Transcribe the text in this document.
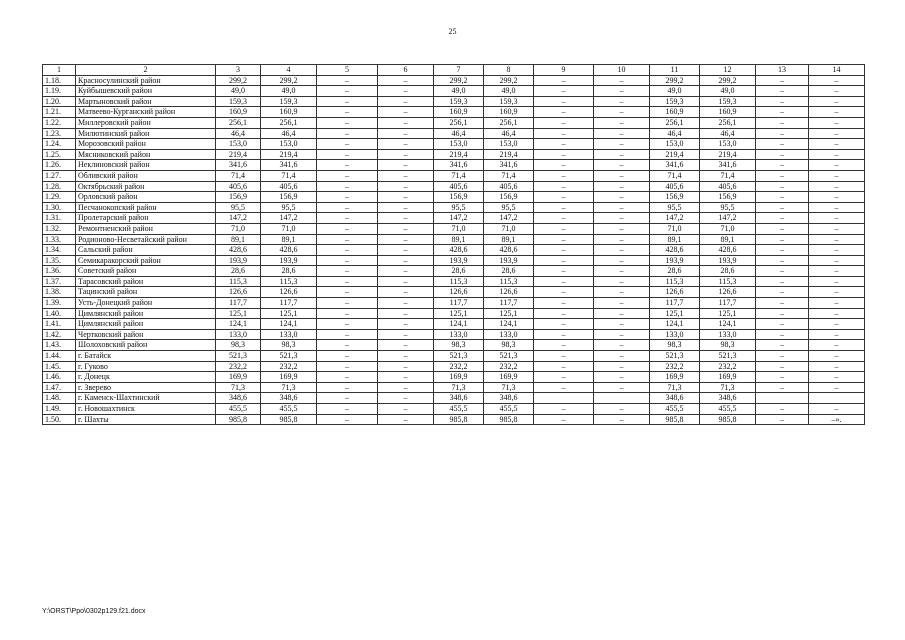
25
1	2	3	4	5	6	7	8	9	10	11	12	13	14
1.18.	Красносулинский район	299,2	299,2	–	–	299,2	299,2	–	–	299,2	299,2	–	–
1.19.	Куйбышевский район	49,0	49,0	–	–	49,0	49,0	–	–	49,0	49,0	–	–
1.20.	Мартыновский район	159,3	159,3	–	–	159,3	159,3	–	–	159,3	159,3	–	–
1.21.	Матвеево-Курганский район	160,9	160,9	–	–	160,9	160,9	–	–	160,9	160,9	–	–
1.22.	Миллеровский район	256,1	256,1	–	–	256,1	256,1	–	–	256,1	256,1	–	–
1.23.	Милютинский район	46,4	46,4	–	–	46,4	46,4	–	–	46,4	46,4	–	–
1.24.	Морозовский район	153,0	153,0	–	–	153,0	153,0	–	–	153,0	153,0	–	–
1.25.	Мясниковский район	219,4	219,4	–	–	219,4	219,4	–	–	219,4	219,4	–	–
1.26.	Неклиновский район	341,6	341,6	–	–	341,6	341,6	–	–	341,6	341,6	–	–
1.27.	Обливский район	71,4	71,4	–	–	71,4	71,4	–	–	71,4	71,4	–	–
1.28.	Октябрьский район	405,6	405,6	–	–	405,6	405,6	–	–	405,6	405,6	–	–
1.29.	Орловский район	156,9	156,9	–	–	156,9	156,9	–	–	156,9	156,9	–	–
1.30.	Песчанокопский район	95,5	95,5	–	–	95,5	95,5	–	–	95,5	95,5	–	–
1.31.	Пролетарский район	147,2	147,2	–	–	147,2	147,2	–	–	147,2	147,2	–	–
1.32.	Ремонтненский район	71,0	71,0	–	–	71,0	71,0	–	–	71,0	71,0	–	–
1.33.	Родионово-Несветайский район	89,1	89,1	–	–	89,1	89,1	–	–	89,1	89,1	–	–
1.34.	Сальский район	428,6	428,6	–	–	428,6	428,6	–	–	428,6	428,6	–	–
1.35.	Семикаракорский район	193,9	193,9	–	–	193,9	193,9	–	–	193,9	193,9	–	–
1.36.	Советский район	28,6	28,6	–	–	28,6	28,6	–	–	28,6	28,6	–	–
1.37.	Тарасовский район	115,3	115,3	–	–	115,3	115,3	–	–	115,3	115,3	–	–
1.38.	Тацинский район	126,6	126,6	–	–	126,6	126,6	–	–	126,6	126,6	–	–
1.39.	Усть-Донецкий район	117,7	117,7	–	–	117,7	117,7	–	–	117,7	117,7	–	–
1.40.	Цимлянский район	125,1	125,1	–	–	125,1	125,1	–	–	125,1	125,1	–	–
1.41.	Цимлянский район	124,1	124,1	–	–	124,1	124,1	–	–	124,1	124,1	–	–
1.42.	Чертковский район	133,0	133,0	–	–	133,0	133,0	–	–	133,0	133,0	–	–
1.43.	Шолоховский район	98,3	98,3	–	–	98,3	98,3	–	–	98,3	98,3	–	–
1.44.	г. Батайск	521,3	521,3	–	–	521,3	521,3	–	–	521,3	521,3	–	–
1.45.	г. Гуково	232,2	232,2	–	–	232,2	232,2	–	–	232,2	232,2	–	–
1.46.	г. Донецк	169,9	169,9	–	–	169,9	169,9	–	–	169,9	169,9	–	–
1.47.	г. Зверево	71,3	71,3	–	–	71,3	71,3	–	–	71,3	71,3	–	–
1.48.	г. Каменск-Шахтинский	348,6	348,6	–	–	348,6	348,6			348,6	348,6		
1.49.	г. Новошахтинск	455,5	455,5	–	–	455,5	455,5	–	–	455,5	455,5	–	–
1.50.	г. Шахты	985,8	985,8	–	–	985,8	985,8	–	–	985,8	985,8	–	–».
Y:\ORST\Ppo\0302p129.f21.docx
